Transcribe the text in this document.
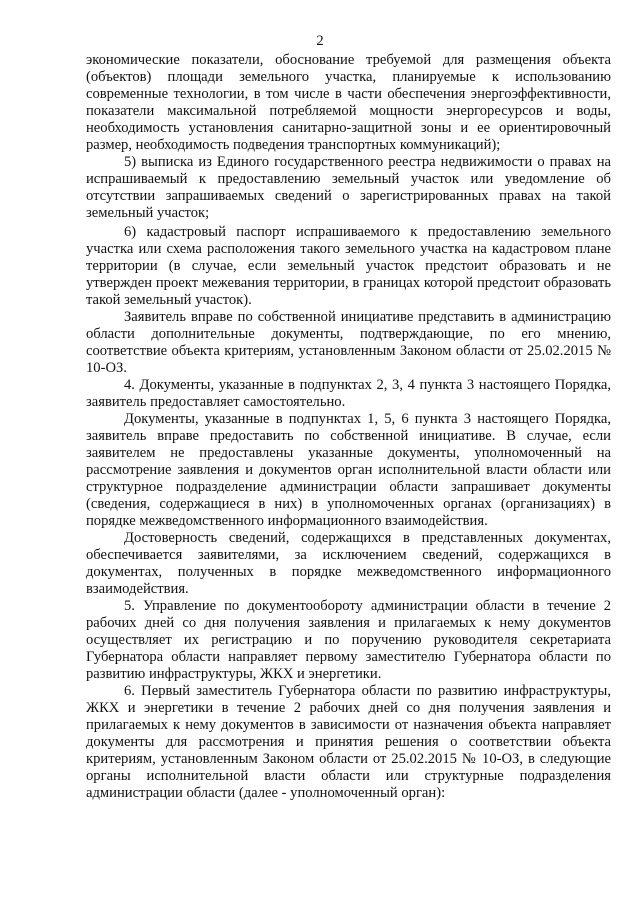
2

экономические показатели, обоснование требуемой для размещения объекта (объектов) площади земельного участка, планируемые к использованию современные технологии, в том числе в части обеспечения энергоэффективности, показатели максимальной потребляемой мощности энергоресурсов и воды, необходимость установления санитарно-защитной зоны и ее ориентировочный размер, необходимость подведения транспортных коммуникаций);

5) выписка из Единого государственного реестра недвижимости о правах на испрашиваемый к предоставлению земельный участок или уведомление об отсутствии запрашиваемых сведений о зарегистрированных правах на такой земельный участок;

6) кадастровый паспорт испрашиваемого к предоставлению земельного участка или схема расположения такого земельного участка на кадастровом плане территории (в случае, если земельный участок предстоит образовать и не утвержден проект межевания территории, в границах которой предстоит образовать такой земельный участок).

Заявитель вправе по собственной инициативе представить в администрацию области дополнительные документы, подтверждающие, по его мнению, соответствие объекта критериям, установленным Законом области от 25.02.2015 № 10-ОЗ.

4. Документы, указанные в подпунктах 2, 3, 4 пункта 3 настоящего Порядка, заявитель предоставляет самостоятельно.

Документы, указанные в подпунктах 1, 5, 6 пункта 3 настоящего Порядка, заявитель вправе предоставить по собственной инициативе. В случае, если заявителем не предоставлены указанные документы, уполномоченный на рассмотрение заявления и документов орган исполнительной власти области или структурное подразделение администрации области запрашивает документы (сведения, содержащиеся в них) в уполномоченных органах (организациях) в порядке межведомственного информационного взаимодействия.

Достоверность сведений, содержащихся в представленных документах, обеспечивается заявителями, за исключением сведений, содержащихся в документах, полученных в порядке межведомственного информационного взаимодействия.

5. Управление по документообороту администрации области в течение 2 рабочих дней со дня получения заявления и прилагаемых к нему документов осуществляет их регистрацию и по поручению руководителя секретариата Губернатора области направляет первому заместителю Губернатора области по развитию инфраструктуры, ЖКХ и энергетики.

6. Первый заместитель Губернатора области по развитию инфраструктуры, ЖКХ и энергетики в течение 2 рабочих дней со дня получения заявления и прилагаемых к нему документов в зависимости от назначения объекта направляет документы для рассмотрения и принятия решения о соответствии объекта критериям, установленным Законом области от 25.02.2015 № 10-ОЗ, в следующие органы исполнительной власти области или структурные подразделения администрации области (далее - уполномоченный орган):
